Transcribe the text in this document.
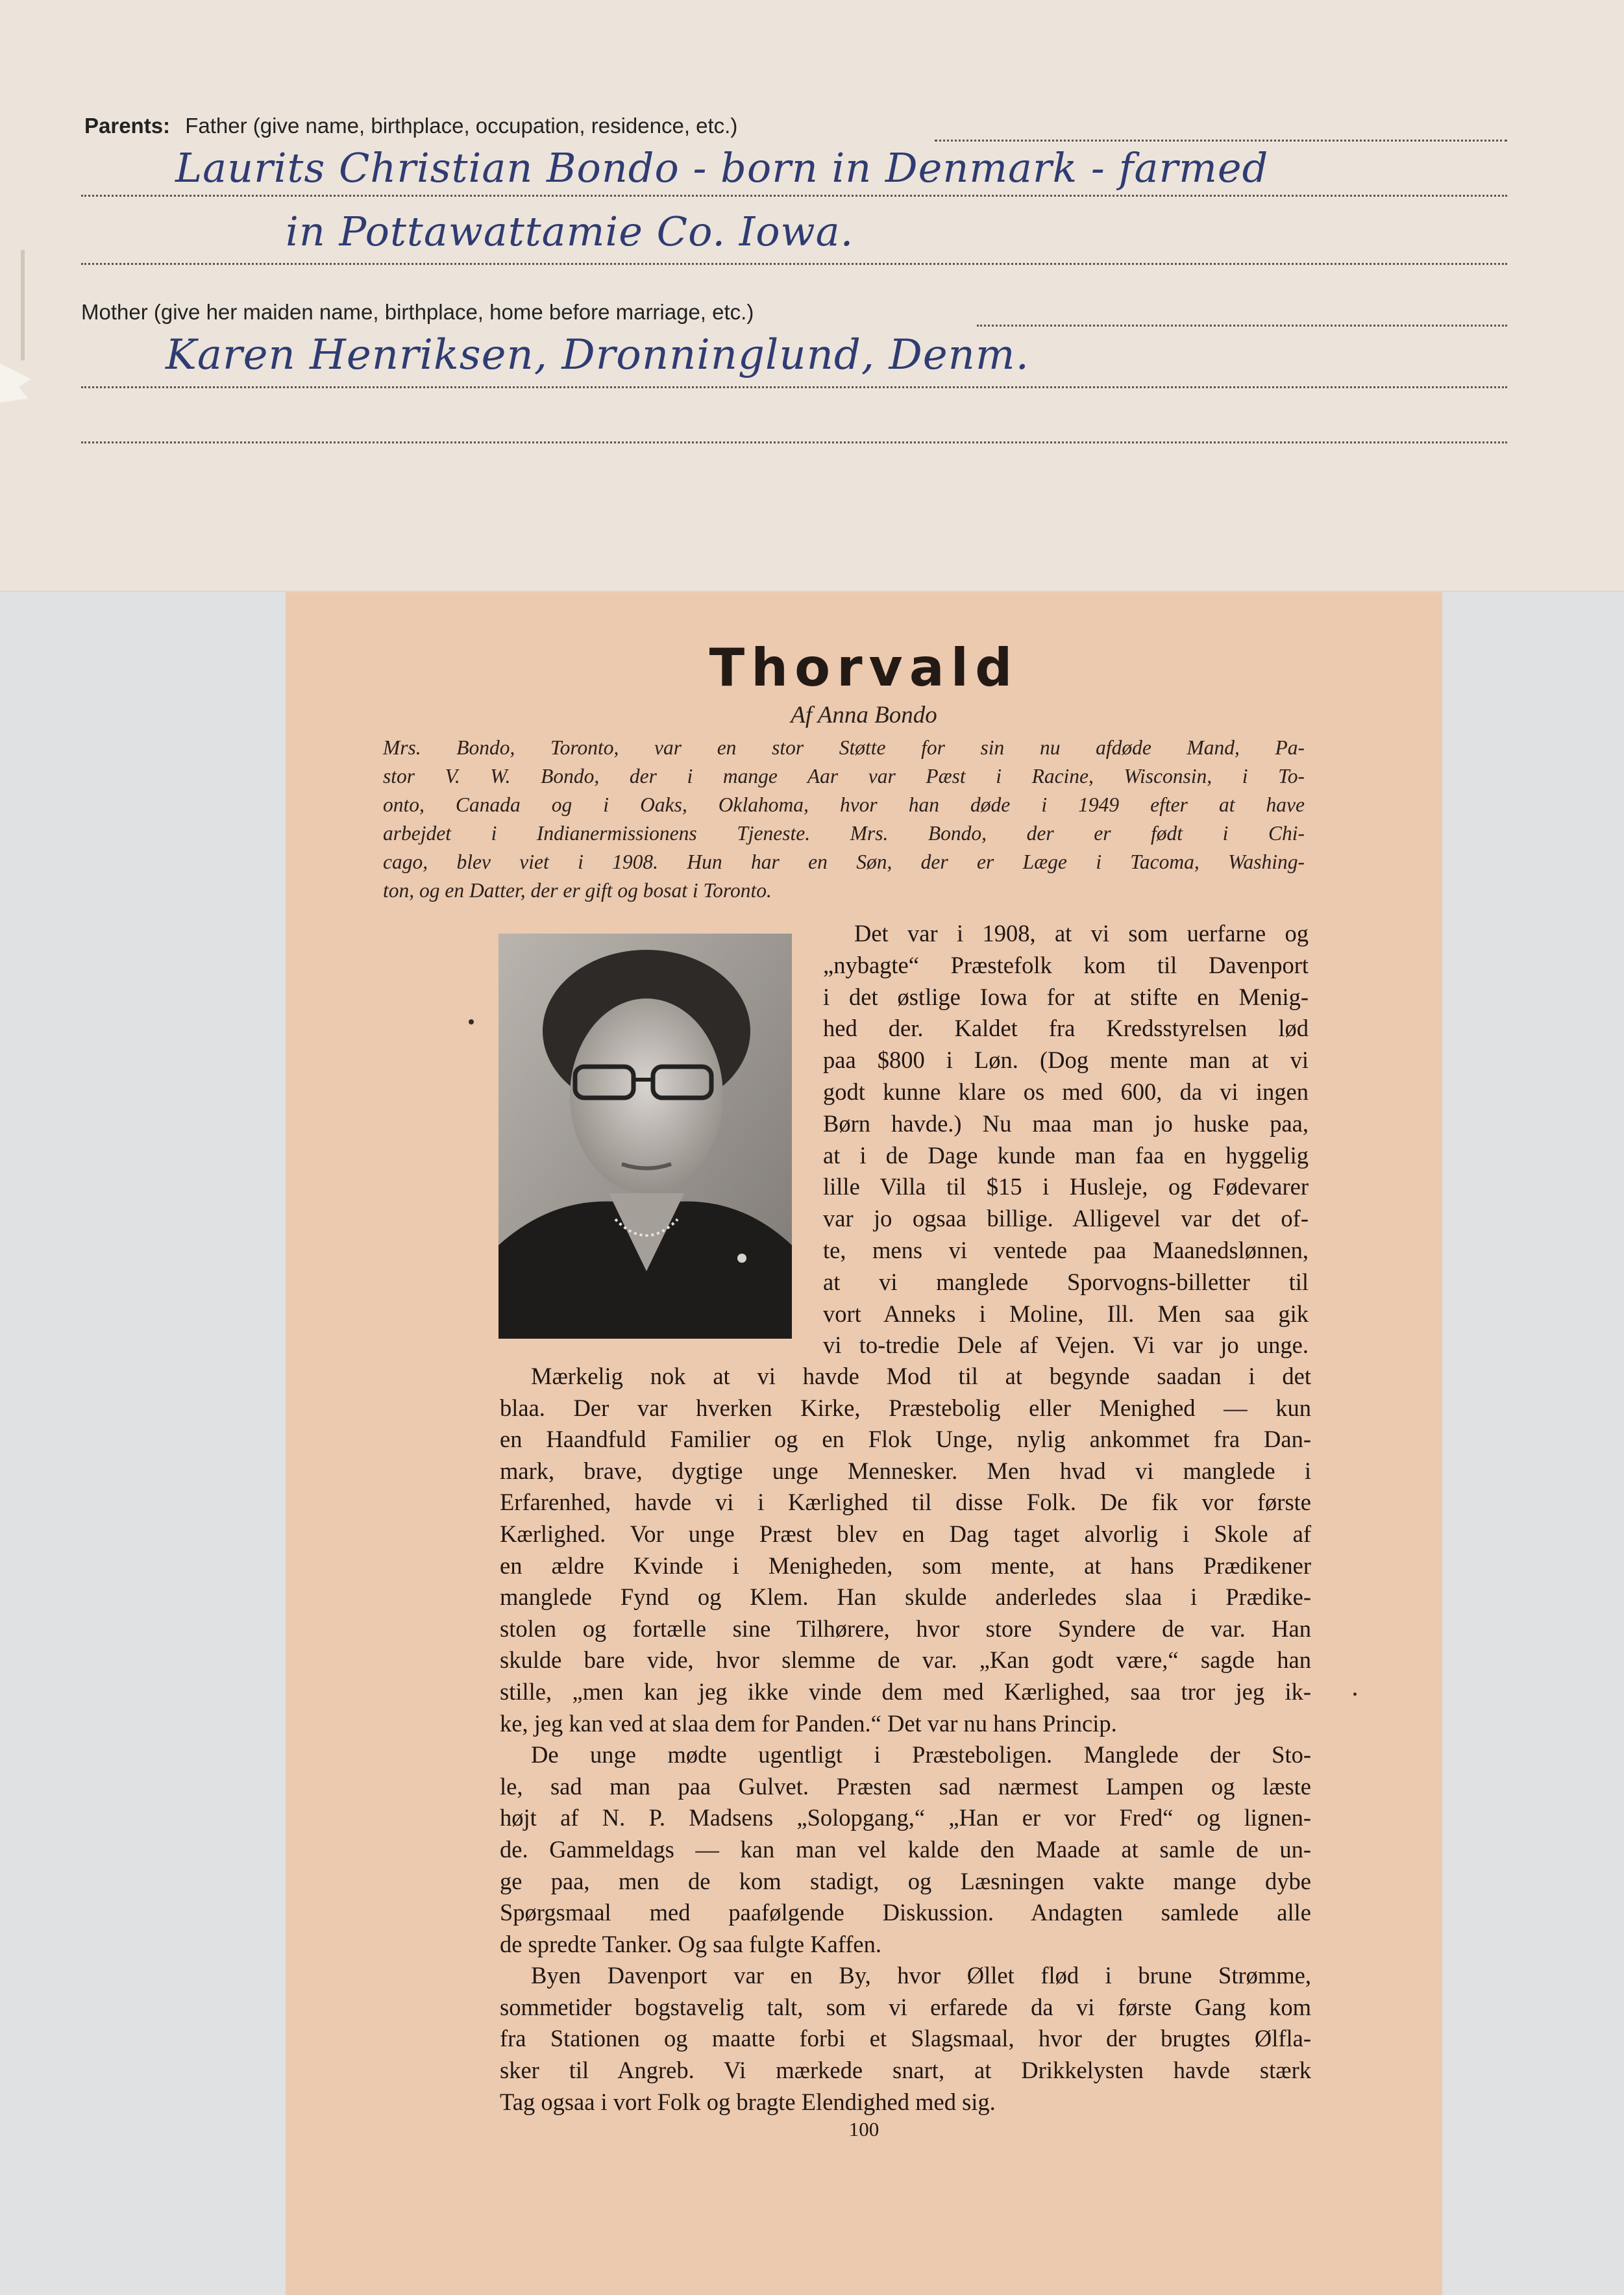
Parents: Father (give name, birthplace, occupation, residence, etc.)
Laurits Christian Bondo - born in Denmark - farmed
in Pottawattamie Co. Iowa.
Mother (give her maiden name, birthplace, home before marriage, etc.)
Karen Henriksen, Dronninglund, Denm.
Thorvald
Af Anna Bondo
Mrs. Bondo, Toronto, var en stor Støtte for sin nu afdøde Mand, Pa-
stor V. W. Bondo, der i mange Aar var Pæst i Racine, Wisconsin, i To-
onto, Canada og i Oaks, Oklahoma, hvor han døde i 1949 efter at have
arbejdet i Indianermissionens Tjeneste. Mrs. Bondo, der er født i Chi-
cago, blev viet i 1908. Hun har en Søn, der er Læge i Tacoma, Washing-
ton, og en Datter, der er gift og bosat i Toronto.
Det var i 1908, at vi som uerfarne og
„nybagte“ Præstefolk kom til Davenport
i det østlige Iowa for at stifte en Menig-
hed der. Kaldet fra Kredsstyrelsen lød
paa $800 i Løn. (Dog mente man at vi
godt kunne klare os med 600, da vi ingen
Børn havde.) Nu maa man jo huske paa,
at i de Dage kunde man faa en hyggelig
lille Villa til $15 i Husleje, og Fødevarer
var jo ogsaa billige. Alligevel var det of-
te, mens vi ventede paa Maanedslønnen,
at vi manglede Sporvogns-billetter til
vort Anneks i Moline, Ill. Men saa gik
vi to-tredie Dele af Vejen. Vi var jo unge.
Mærkelig nok at vi havde Mod til at begynde saadan i det
blaa. Der var hverken Kirke, Præstebolig eller Menighed — kun
en Haandfuld Familier og en Flok Unge, nylig ankommet fra Dan-
mark, brave, dygtige unge Mennesker. Men hvad vi manglede i
Erfarenhed, havde vi i Kærlighed til disse Folk. De fik vor første
Kærlighed. Vor unge Præst blev en Dag taget alvorlig i Skole af
en ældre Kvinde i Menigheden, som mente, at hans Prædikener
manglede Fynd og Klem. Han skulde anderledes slaa i Prædike-
stolen og fortælle sine Tilhørere, hvor store Syndere de var. Han
skulde bare vide, hvor slemme de var. „Kan godt være,“ sagde han
stille, „men kan jeg ikke vinde dem med Kærlighed, saa tror jeg ik-
ke, jeg kan ved at slaa dem for Panden.“ Det var nu hans Princip.
De unge mødte ugentligt i Præsteboligen. Manglede der Sto-
le, sad man paa Gulvet. Præsten sad nærmest Lampen og læste
højt af N. P. Madsens „Solopgang,“ „Han er vor Fred“ og lignen-
de. Gammeldags — kan man vel kalde den Maade at samle de un-
ge paa, men de kom stadigt, og Læsningen vakte mange dybe
Spørgsmaal med paafølgende Diskussion. Andagten samlede alle
de spredte Tanker. Og saa fulgte Kaffen.
Byen Davenport var en By, hvor Øllet flød i brune Strømme,
sommetider bogstavelig talt, som vi erfarede da vi første Gang kom
fra Stationen og maatte forbi et Slagsmaal, hvor der brugtes Ølfla-
sker til Angreb. Vi mærkede snart, at Drikkelysten havde stærk
Tag ogsaa i vort Folk og bragte Elendighed med sig.
100
